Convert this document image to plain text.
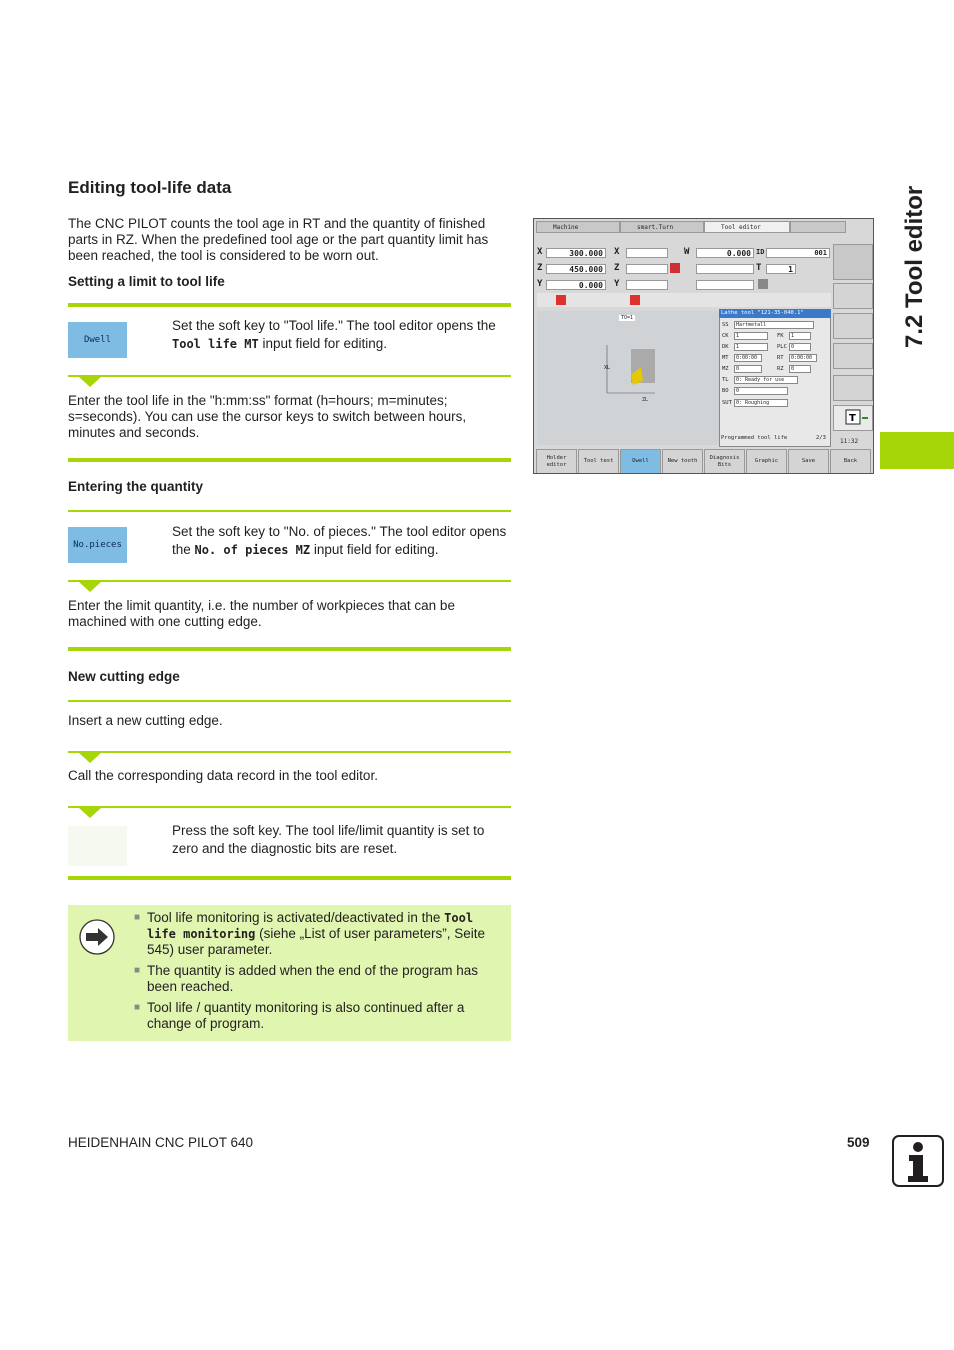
7.2 Tool editor
Editing tool-life data

The CNC PILOT counts the tool age in RT and the quantity of finished parts in RZ. When the predefined tool age or the part quantity limit has been reached, the tool is considered to be worn out.

Setting a limit to tool life

Dwell

Set the soft key to "Tool life." The tool editor opens the Tool life MT input field for editing.

Enter the tool life in the "h:mm:ss" format (h=hours; m=minutes; s=seconds). You can use the cursor keys to switch between hours, minutes and seconds.

Entering the quantity

No.pieces

Set the soft key to "No. of pieces." The tool editor opens the No. of pieces MZ input field for editing.

Enter the limit quantity, i.e. the number of workpieces that can be machined with one cutting edge.

New cutting edge

Insert a new cutting edge.

Call the corresponding data record in the tool editor.

Press the soft key. The tool life/limit quantity is set to zero and the diagnostic bits are reset.

■ Tool life monitoring is activated/deactivated in the Tool life monitoring (siehe „List of user parameters”, Seite 545) user parameter.
■ The quantity is added when the end of the program has been reached.
■ Tool life / quantity monitoring is also continued after a change of program.
HEIDENHAIN CNC PILOT 640	509
Machine	smart.Turn	Tool editor
X	300.000	X
Z	450.000	Z
Y	0.000	Y
W	0.000 ID	001
T	1
T
11:32
TO=1
ZL
XL
Lathe tool "121-35-040.1"
SS	Hartmetall
CK	1	FK	1
DK	1	PLC 0
MT	0:00:00	RT	0:00:00
MZ	0	RZ	0
TL	0: Ready for use
BO	0
SUT 0: Roughing
Programmed tool life	2/3
Holder editor
Tool test	Dwell	New tooth
Diagnosis Bits
Graphic	Save	Back
